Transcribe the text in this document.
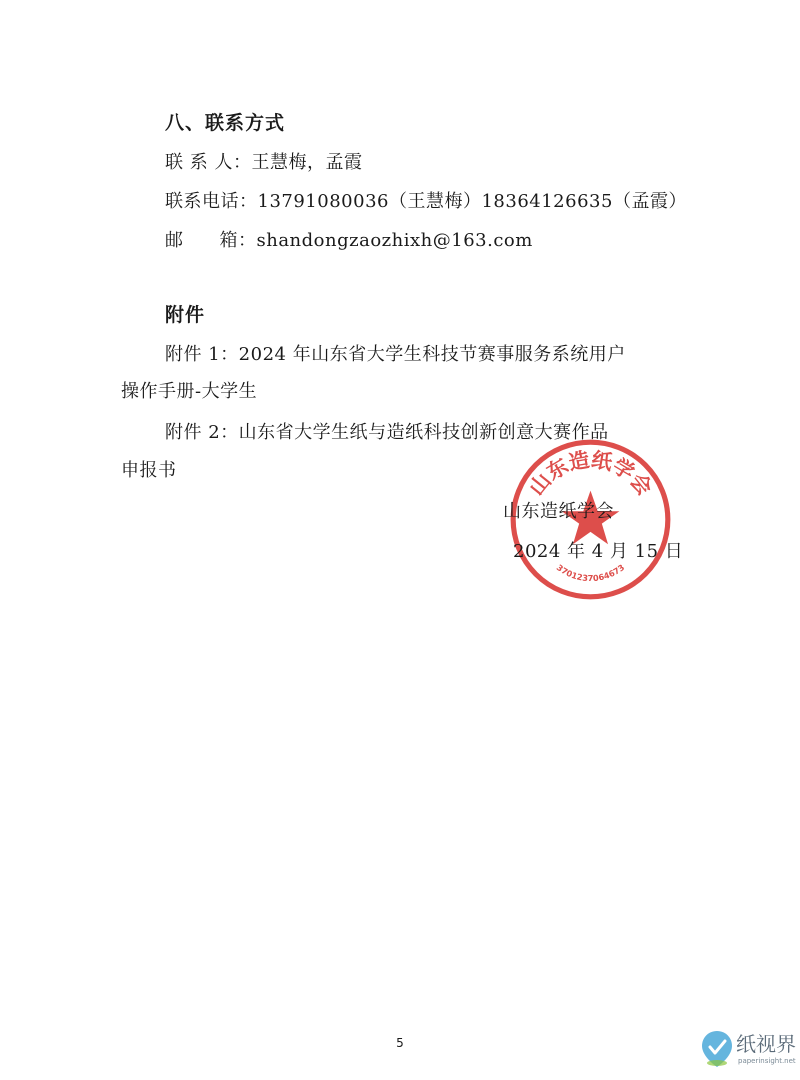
八、联系方式
联 系 人：王慧梅，孟霞
联系电话：13791080036（王慧梅）18364126635（孟霞）
邮 箱：shandongzaozhixh@163.com
附件
附件 1：2024 年山东省大学生科技节赛事服务系统用户
操作手册-大学生
附件 2：山东省大学生纸与造纸科技创新创意大赛作品
申报书	山东造纸学会
3701237064673
山东造纸学会
2024 年 4 月 15 日
5	纸视界
paperinsight.net
